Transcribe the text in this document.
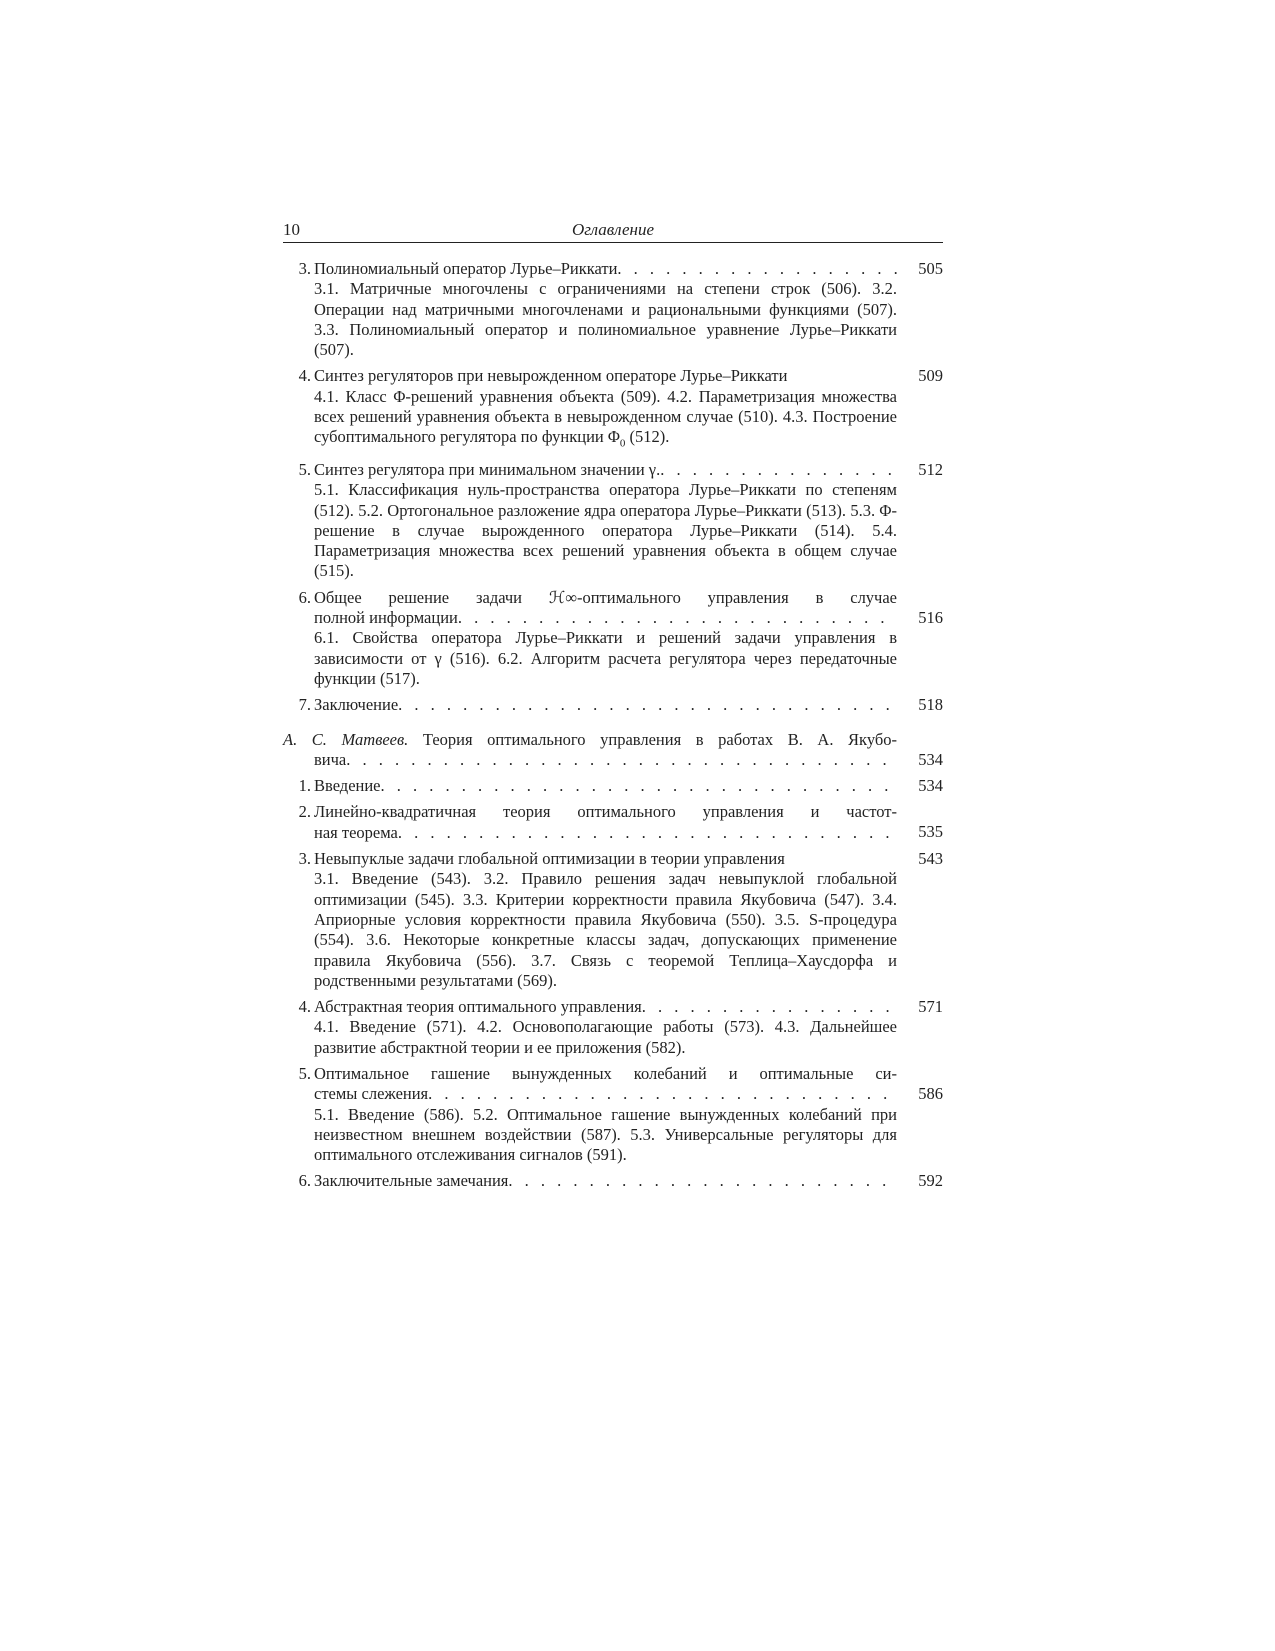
10	Оглавление
3. Полиномиальный оператор Лурье–Риккати . . .	505
3.1. Матричные многочлены с ограничениями на степени строк (506). 3.2. Операции над матричными многочленами и рациональными функциями (507). 3.3. Полиномиальный оператор и полиномиальное уравнение Лурье–Риккати (507).
4. Синтез регуляторов при невырожденном операторе Лурье–Риккати	509
4.1. Класс Φ-решений уравнения объекта (509). 4.2. Параметризация множества всех решений уравнения объекта в невырожденном случае (510). 4.3. Построение субоптимального регулятора по функции $\Phi_0$ (512).
5. Синтез регулятора при минимальном значении γ. . . .	512
5.1. Классификация нуль-пространства оператора Лурье–Риккати по степеням (512). 5.2. Ортогональное разложение ядра оператора Лурье–Риккати (513). 5.3. Φ-решение в случае вырожденного оператора Лурье–Риккати (514). 5.4. Параметризация множества всех решений уравнения объекта в общем случае (515).
6. Общее решение задачи ℋ∞-оптимального управления в случае
полной информации . . .	516
6.1. Свойства оператора Лурье–Риккати и решений задачи управления в зависимости от γ (516). 6.2. Алгоритм расчета регулятора через передаточные функции (517).
7. Заключение . . .	518
А. С. Матвеев. Теория оптимального управления в работах В. А. Якубо-
вича . . .	534
1. Введение . . .	534
2. Линейно-квадратичная теория оптимального управления и частот-
ная теорема . . .	535
3. Невыпуклые задачи глобальной оптимизации в теории управления	543
3.1. Введение (543). 3.2. Правило решения задач невыпуклой глобальной оптимизации (545). 3.3. Критерии корректности правила Якубовича (547). 3.4. Априорные условия корректности правила Якубовича (550). 3.5. S-процедура (554). 3.6. Некоторые конкретные классы задач, допускающих применение правила Якубовича (556). 3.7. Связь с теоремой Теплица–Хаусдорфа и родственными результатами (569).
4. Абстрактная теория оптимального управления . . .	571
4.1. Введение (571). 4.2. Основополагающие работы (573). 4.3. Дальнейшее развитие абстрактной теории и ее приложения (582).
5. Оптимальное гашение вынужденных колебаний и оптимальные си-
стемы слежения . . .	586
5.1. Введение (586). 5.2. Оптимальное гашение вынужденных колебаний при неизвестном внешнем воздействии (587). 5.3. Универсальные регуляторы для оптимального отслеживания сигналов (591).
6. Заключительные замечания . . .	592
